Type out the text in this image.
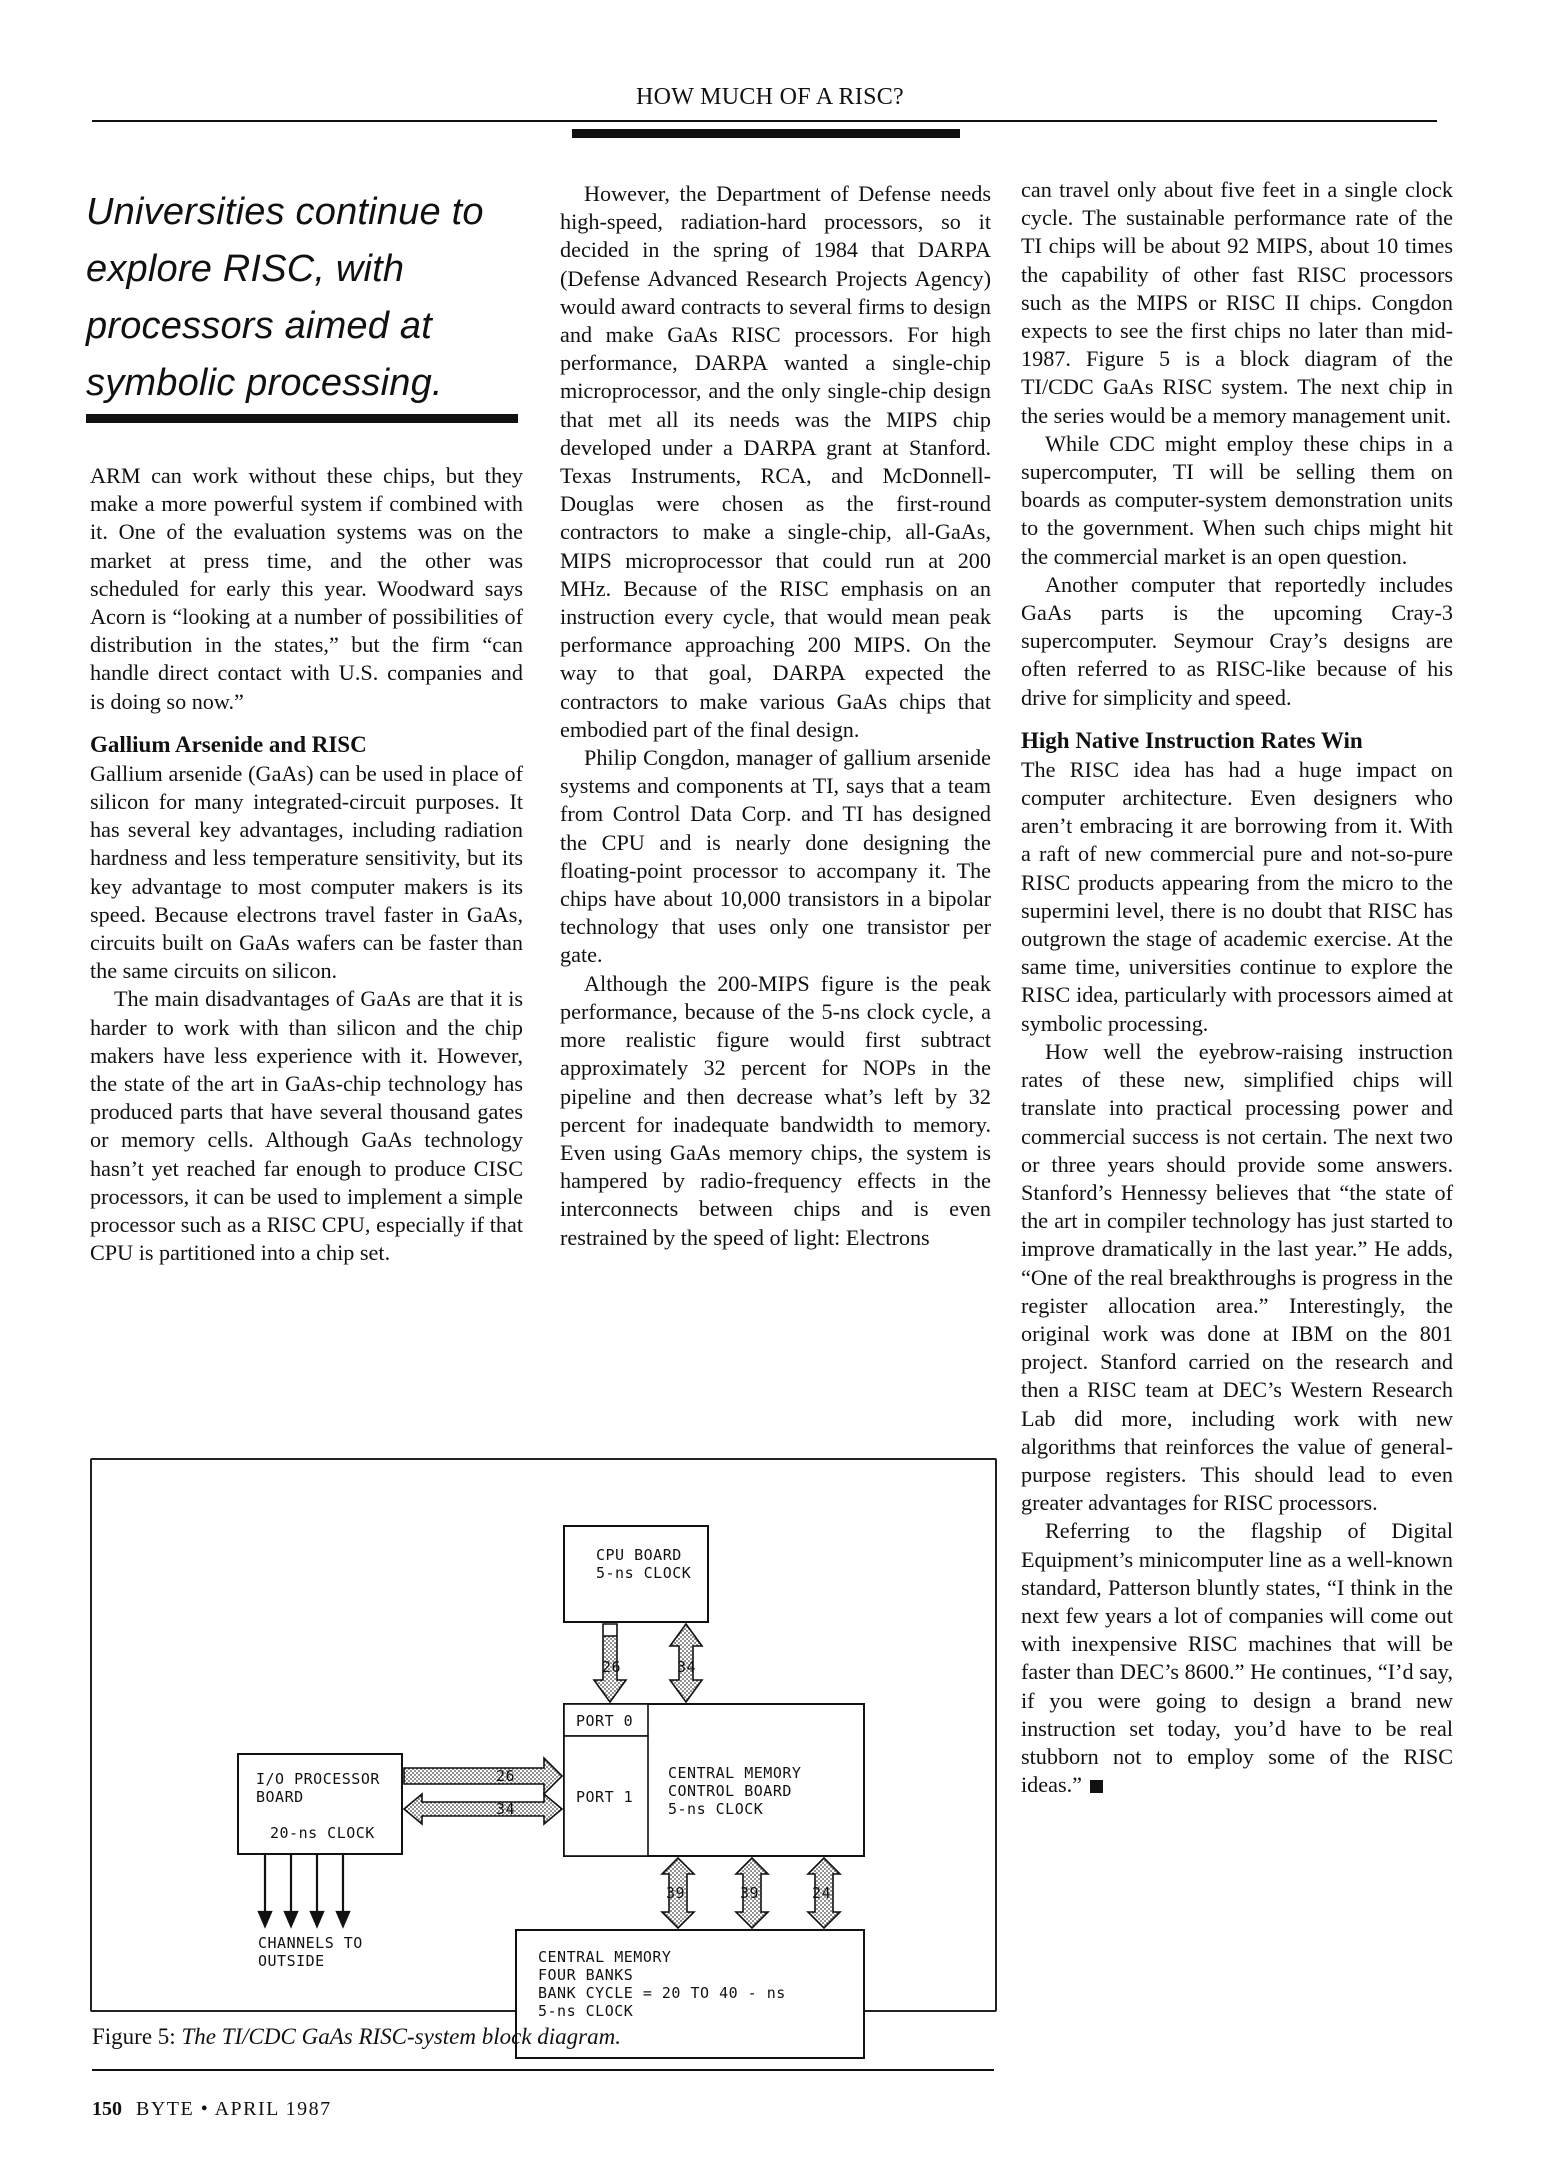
HOW MUCH OF A RISC?
Universities continue to explore RISC, with processors aimed at symbolic processing.

ARM can work without these chips, but they make a more powerful system if combined with it. One of the evaluation systems was on the market at press time, and the other was scheduled for early this year. Woodward says Acorn is “looking at a number of possibilities of distribution in the states,” but the firm “can handle direct contact with U.S. companies and is doing so now.”

Gallium Arsenide and RISC

Gallium arsenide (GaAs) can be used in place of silicon for many integrated-circuit purposes. It has several key advantages, including radiation hardness and less temperature sensitivity, but its key advantage to most computer makers is its speed. Because electrons travel faster in GaAs, circuits built on GaAs wafers can be faster than the same circuits on silicon.

The main disadvantages of GaAs are that it is harder to work with than silicon and the chip makers have less experience with it. However, the state of the art in GaAs-chip technology has produced parts that have several thousand gates or memory cells. Although GaAs technology hasn’t yet reached far enough to produce CISC processors, it can be used to implement a simple processor such as a RISC CPU, especially if that CPU is partitioned into a chip set.

However, the Department of Defense needs high-speed, radiation-hard processors, so it decided in the spring of 1984 that DARPA (Defense Advanced Research Projects Agency) would award contracts to several firms to design and make GaAs RISC processors. For high performance, DARPA wanted a single-chip microprocessor, and the only single-chip design that met all its needs was the MIPS chip developed under a DARPA grant at Stanford. Texas Instruments, RCA, and McDonnell-Douglas were chosen as the first-round contractors to make a single-chip, all-GaAs, MIPS microprocessor that could run at 200 MHz. Because of the RISC emphasis on an instruction every cycle, that would mean peak performance approaching 200 MIPS. On the way to that goal, DARPA expected the contractors to make various GaAs chips that embodied part of the final design.

Philip Congdon, manager of gallium arsenide systems and components at TI, says that a team from Control Data Corp. and TI has designed the CPU and is nearly done designing the floating-point processor to accompany it. The chips have about 10,000 transistors in a bipolar technology that uses only one transistor per gate.

Although the 200-MIPS figure is the peak performance, because of the 5-ns clock cycle, a more realistic figure would first subtract approximately 32 percent for NOPs in the pipeline and then decrease what’s left by 32 percent for inadequate bandwidth to memory. Even using GaAs memory chips, the system is hampered by radio-frequency effects in the interconnects between chips and is even restrained by the speed of light: Electrons

can travel only about five feet in a single clock cycle. The sustainable performance rate of the TI chips will be about 92 MIPS, about 10 times the capability of other fast RISC processors such as the MIPS or RISC II chips. Congdon expects to see the first chips no later than mid-1987. Figure 5 is a block diagram of the TI/CDC GaAs RISC system. The next chip in the series would be a memory management unit.

While CDC might employ these chips in a supercomputer, TI will be selling them on boards as computer-system demonstration units to the government. When such chips might hit the commercial market is an open question.

Another computer that reportedly includes GaAs parts is the upcoming Cray-3 supercomputer. Seymour Cray’s designs are often referred to as RISC-like because of his drive for simplicity and speed.

High Native Instruction Rates Win

The RISC idea has had a huge impact on computer architecture. Even designers who aren’t embracing it are borrowing from it. With a raft of new commercial pure and not-so-pure RISC products appearing from the micro to the supermini level, there is no doubt that RISC has outgrown the stage of academic exercise. At the same time, universities continue to explore the RISC idea, particularly with processors aimed at symbolic processing.

How well the eyebrow-raising instruction rates of these new, simplified chips will translate into practical processing power and commercial success is not certain. The next two or three years should provide some answers. Stanford’s Hennessy believes that “the state of the art in compiler technology has just started to improve dramatically in the last year.” He adds, “One of the real breakthroughs is progress in the register allocation area.” Interestingly, the original work was done at IBM on the 801 project. Stanford carried on the research and then a RISC team at DEC’s Western Research Lab did more, including work with new algorithms that reinforces the value of general-purpose registers. This should lead to even greater advantages for RISC processors.

Referring to the flagship of Digital Equipment’s minicomputer line as a well-known standard, Patterson bluntly states, “I think in the next few years a lot of companies will come out with inexpensive RISC machines that will be faster than DEC’s 8600.” He continues, “I’d say, if you were going to design a brand new instruction set today, you’d have to be real stubborn not to employ some of the RISC ideas.”

CPU BOARD
5-ns CLOCK
26	34
PORT 0
PORT 1
CENTRAL MEMORY
CONTROL BOARD
5-ns CLOCK
I/O PROCESSOR
BOARD
20-ns CLOCK
26
34
CHANNELS TO
OUTSIDE
39	39	24
CENTRAL MEMORY
FOUR BANKS
BANK CYCLE = 20 TO 40 - ns
5-ns CLOCK
Figure 5: The TI/CDC GaAs RISC-system block diagram.
150 BYTE • APRIL 1987
